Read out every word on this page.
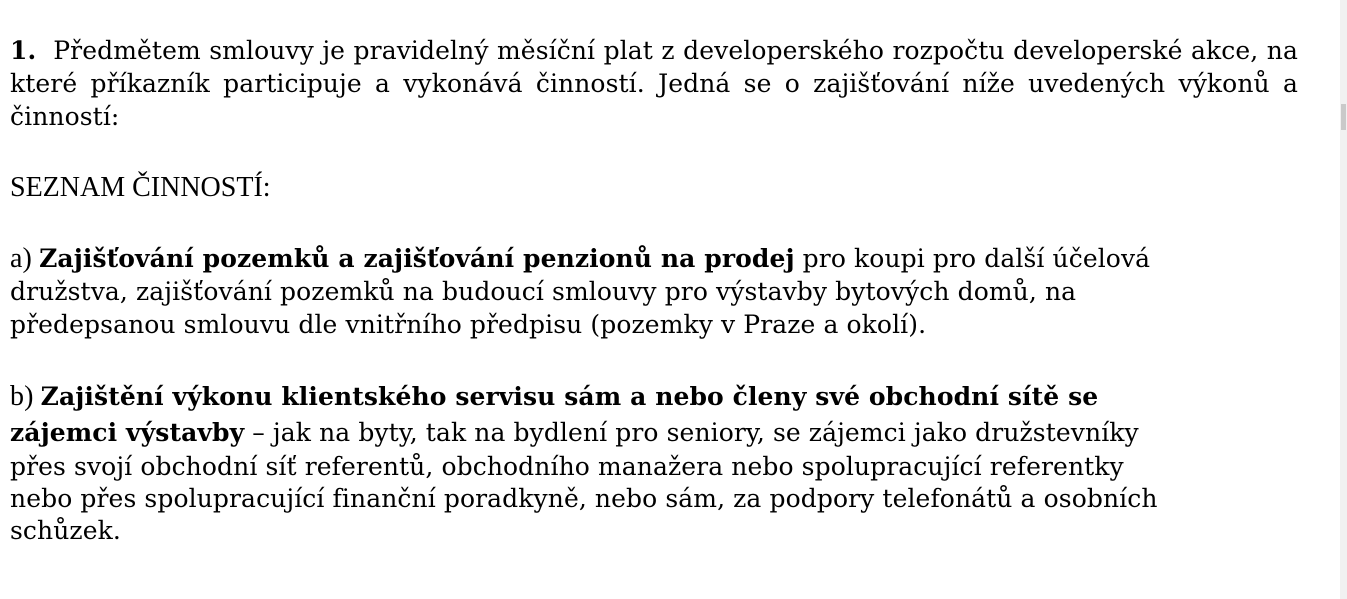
1. Předmětem smlouvy je pravidelný měsíční plat z developerského rozpočtu developerské akce, na které příkazník participuje a vykonává činností. Jedná se o zajišťování níže uvedených výkonů a činností:

SEZNAM ČINNOSTÍ:

a) Zajišťování pozemků a zajišťování penzionů na prodej pro koupi pro další účelová
družstva, zajišťování pozemků na budoucí smlouvy pro výstavby bytových domů, na
předepsanou smlouvu dle vnitřního předpisu (pozemky v Praze a okolí).
b) Zajištění výkonu klientského servisu sám a nebo členy své obchodní sítě se
zájemci výstavby – jak na byty, tak na bydlení pro seniory, se zájemci jako družstevníky
přes svojí obchodní síť referentů, obchodního manažera nebo spolupracující referentky
nebo přes spolupracující finanční poradkyně, nebo sám, za podpory telefonátů a osobních
schůzek.
